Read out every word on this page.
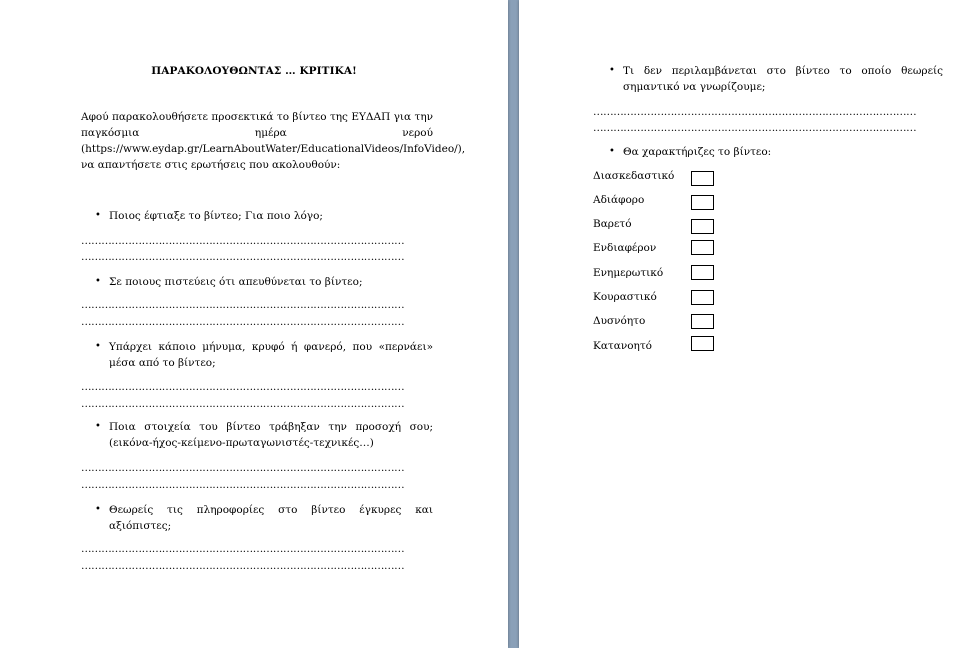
ΠΑΡΑΚΟΛΟΥΘΩΝΤΑΣ … ΚΡΙΤΙΚΑ!
Αφού παρακολουθήσετε προσεκτικά το βίντεο της ΕΥΔΑΠ για την παγκόσμια ημέρα νερού (https://www.eydap.gr/LearnAboutWater/EducationalVideos/InfoVideo/), να απαντήσετε στις ερωτήσεις που ακολουθούν:
• Ποιος έφτιαξε το βίντεο; Για ποιο λόγο;
……………………………………………………………………………………
……………………………………………………………………………………
• Σε ποιους πιστεύεις ότι απευθύνεται το βίντεο;
……………………………………………………………………………………
……………………………………………………………………………………
• Υπάρχει κάποιο μήνυμα, κρυφό ή φανερό, που «περνάει» μέσα από το βίντεο;
……………………………………………………………………………………
……………………………………………………………………………………
• Ποια στοιχεία του βίντεο τράβηξαν την προσοχή σου; (εικόνα-ήχος-κείμενο-πρωταγωνιστές-τεχνικές…)
……………………………………………………………………………………
……………………………………………………………………………………
• Θεωρείς τις πληροφορίες στο βίντεο έγκυρες και αξιόπιστες;
……………………………………………………………………………………
……………………………………………………………………………………
• Τι δεν περιλαμβάνεται στο βίντεο το οποίο θεωρείς σημαντικό να γνωρίζουμε;
……………………………………………………………………………………
……………………………………………………………………………………
• Θα χαρακτήριζες το βίντεο:
Διασκεδαστικό
Αδιάφορο
Βαρετό
Ενδιαφέρον
Ενημερωτικό
Κουραστικό
Δυσνόητο
Κατανοητό
